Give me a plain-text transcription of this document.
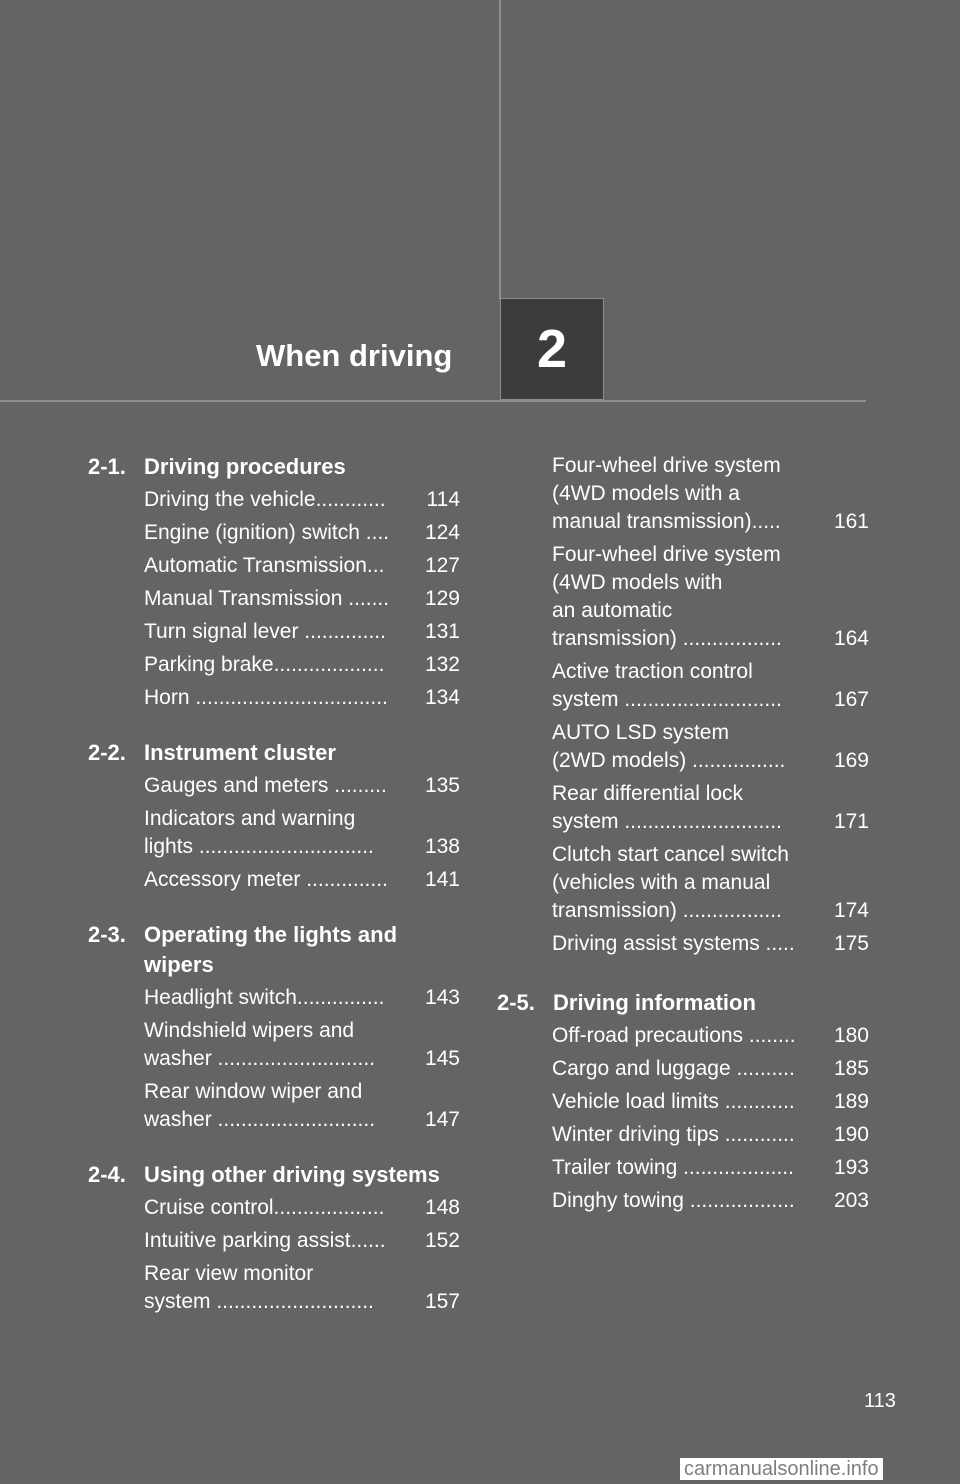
When driving 2
2-1. Driving procedures
Driving the vehicle............	114
Engine (ignition) switch ....	124
Automatic Transmission...	127
Manual Transmission .......	129
Turn signal lever ..............	131
Parking brake...................	132
Horn .................................	134
2-2. Instrument cluster
Gauges and meters .........	135
Indicators and warning
lights ..............................	138
Accessory meter ..............	141
2-3. Operating the lights and
wipers
Headlight switch...............	143
Windshield wipers and
washer ...........................	145
Rear window wiper and
washer ...........................	147
2-4. Using other driving systems
Cruise control...................	148
Intuitive parking assist......	152
Rear view monitor
system ...........................	157
Four-wheel drive system
(4WD models with a
manual transmission).....	161
Four-wheel drive system
(4WD models with
an automatic
transmission) .................	164
Active traction control
system ...........................	167
AUTO LSD system
(2WD models) ................	169
Rear differential lock
system ...........................	171
Clutch start cancel switch
(vehicles with a manual
transmission) .................	174
Driving assist systems .....	175
2-5. Driving information
Off-road precautions ........	180
Cargo and luggage ..........	185
Vehicle load limits ............	189
Winter driving tips ............	190
Trailer towing ...................	193
Dinghy towing ..................	203
113
carmanualsonline.info
